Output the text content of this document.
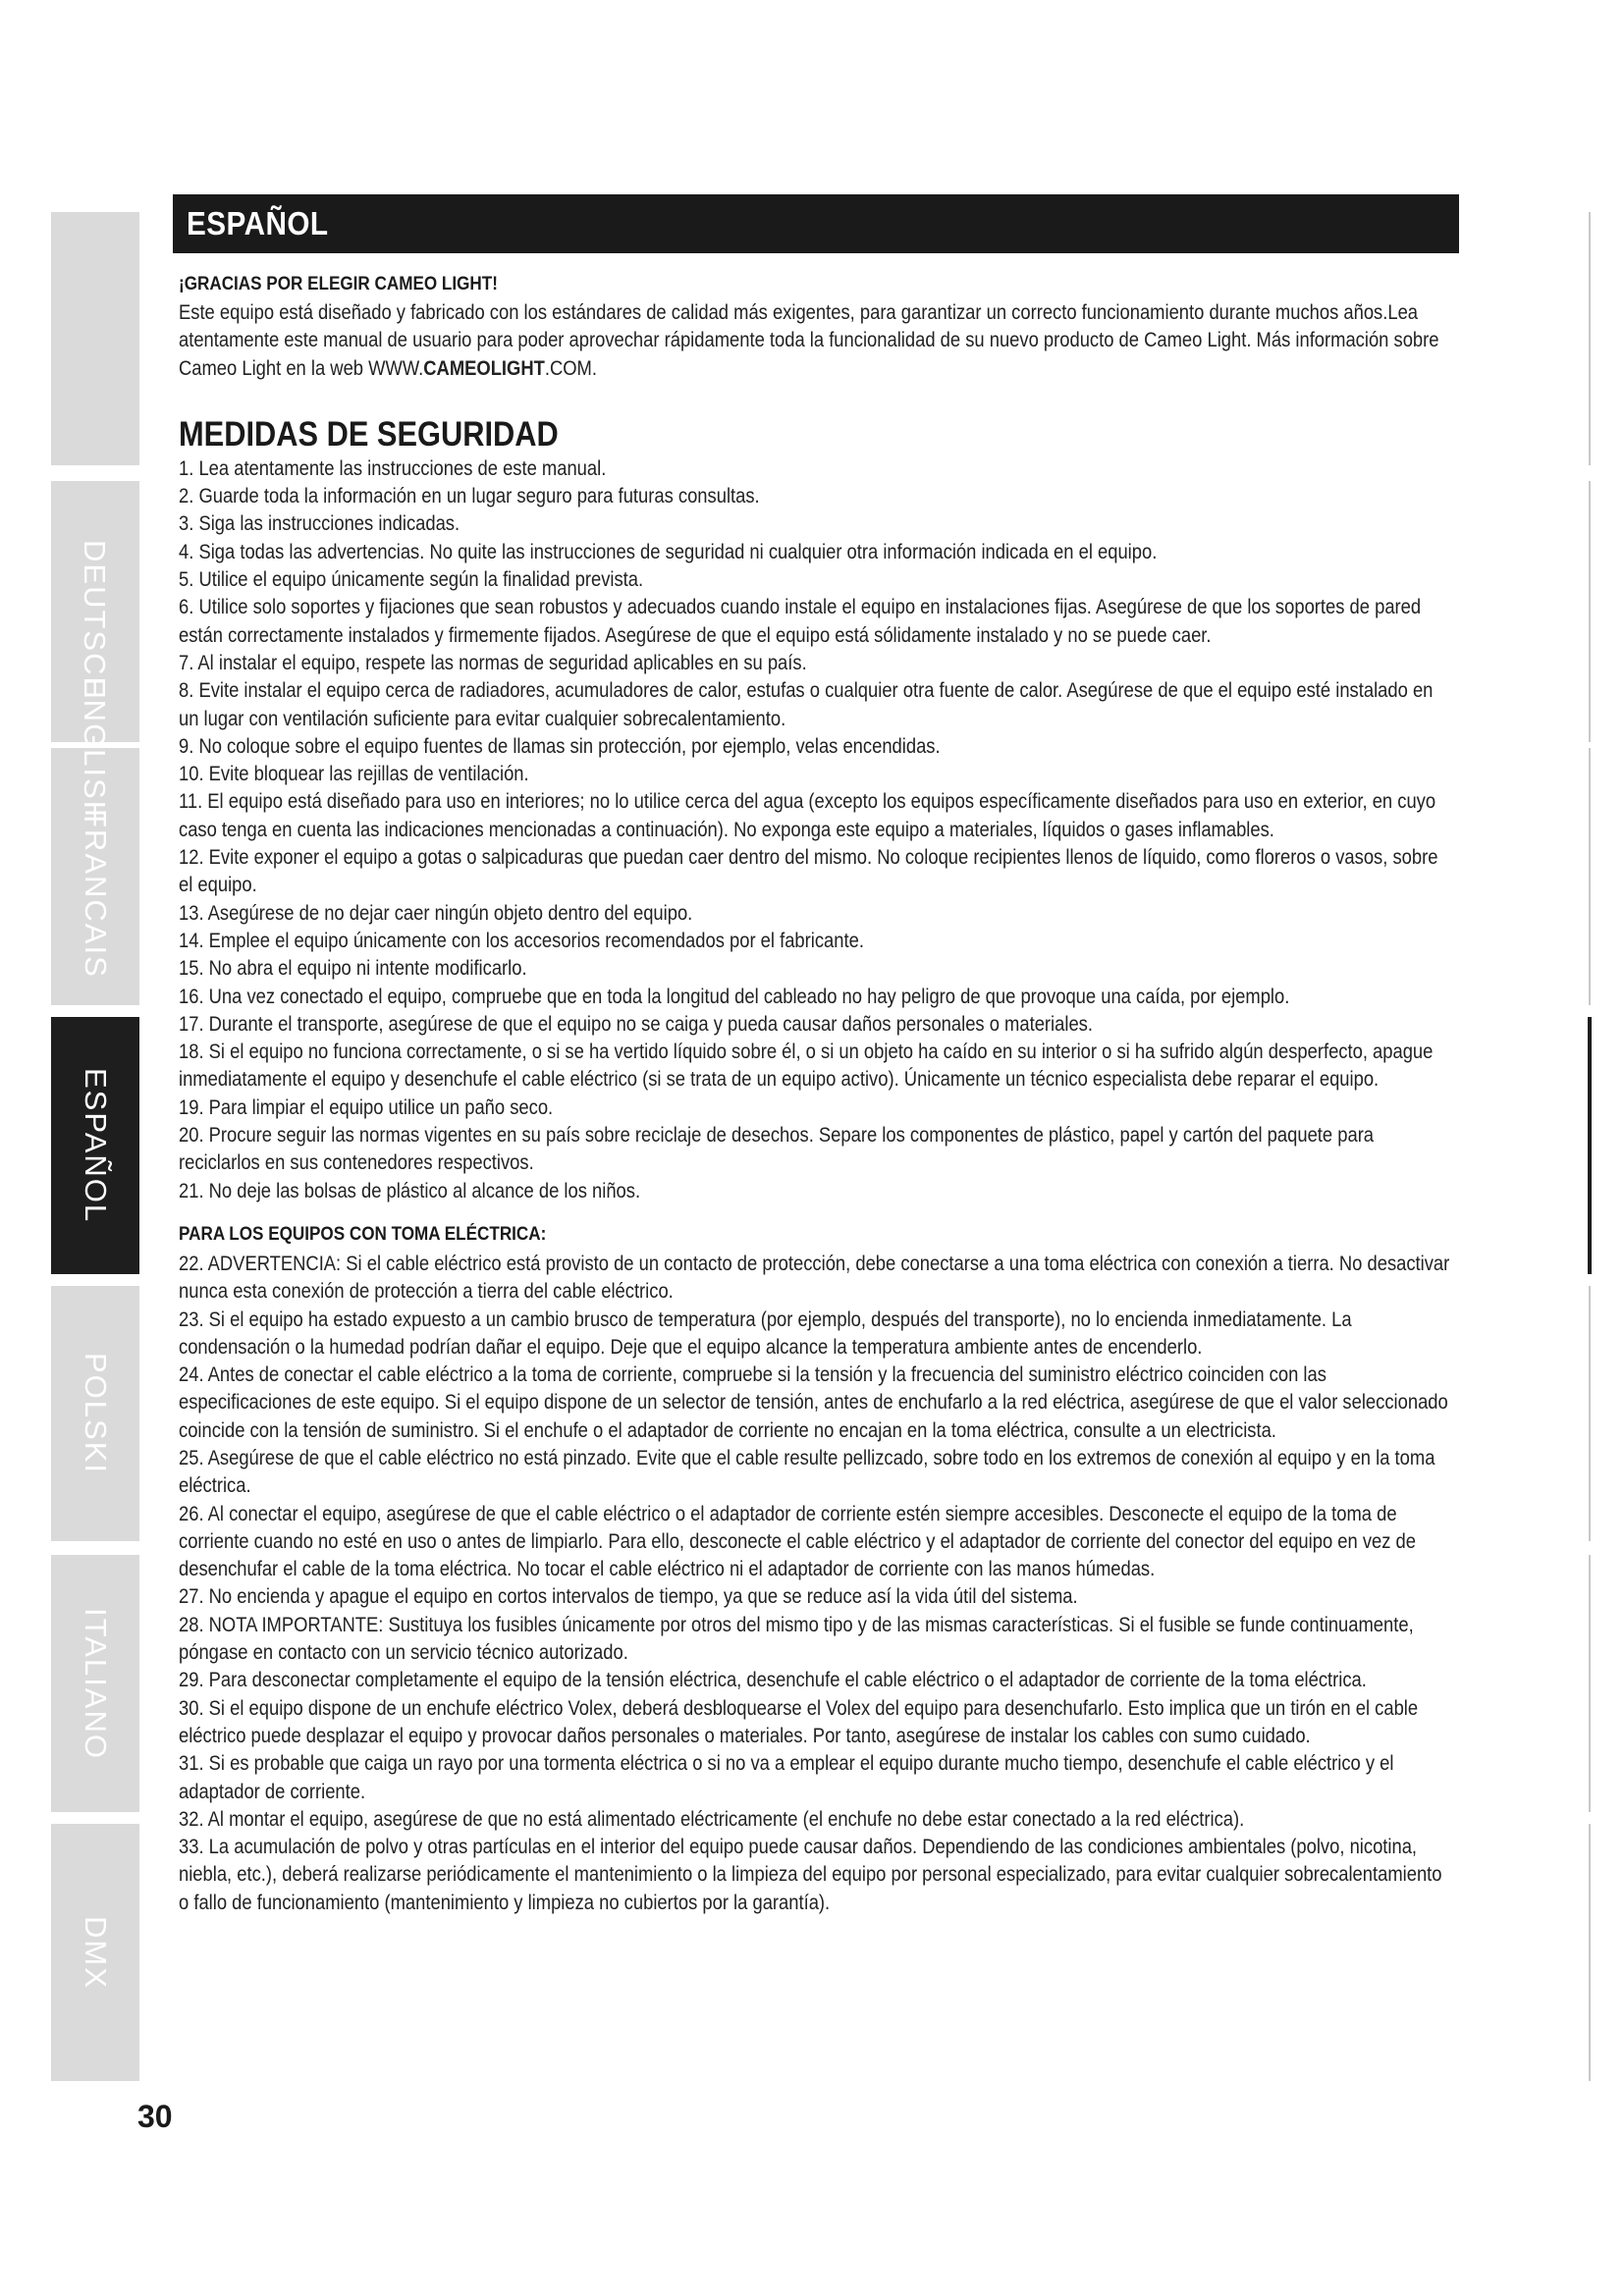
DEUTSCH
ENGLISH
FRANCAIS
ESPAÑOL
POLSKI
ITALIANO
DMX
ESPAÑOL

¡GRACIAS POR ELEGIR CAMEO LIGHT!

Este equipo está diseñado y fabricado con los estándares de calidad más exigentes, para garantizar un correcto funcionamiento durante muchos años.Lea atentamente este manual de usuario para poder aprovechar rápidamente toda la funcionalidad de su nuevo producto de Cameo Light. Más información sobre Cameo Light en la web WWW.CAMEOLIGHT.COM.

MEDIDAS DE SEGURIDAD

1. Lea atentamente las instrucciones de este manual.

2. Guarde toda la información en un lugar seguro para futuras consultas.

3. Siga las instrucciones indicadas.

4. Siga todas las advertencias. No quite las instrucciones de seguridad ni cualquier otra información indicada en el equipo.

5. Utilice el equipo únicamente según la finalidad prevista.

6. Utilice solo soportes y fijaciones que sean robustos y adecuados cuando instale el equipo en instalaciones fijas. Asegúrese de que los soportes de pared están correctamente instalados y firmemente fijados. Asegúrese de que el equipo está sólidamente instalado y no se puede caer.

7. Al instalar el equipo, respete las normas de seguridad aplicables en su país.

8. Evite instalar el equipo cerca de radiadores, acumuladores de calor, estufas o cualquier otra fuente de calor. Asegúrese de que el equipo esté instalado en un lugar con ventilación suficiente para evitar cualquier sobrecalentamiento.

9. No coloque sobre el equipo fuentes de llamas sin protección, por ejemplo, velas encendidas.

10. Evite bloquear las rejillas de ventilación.

11. El equipo está diseñado para uso en interiores; no lo utilice cerca del agua (excepto los equipos específicamente diseñados para uso en exterior, en cuyo caso tenga en cuenta las indicaciones mencionadas a continuación). No exponga este equipo a materiales, líquidos o gases inflamables.

12. Evite exponer el equipo a gotas o salpicaduras que puedan caer dentro del mismo. No coloque recipientes llenos de líquido, como floreros o vasos, sobre el equipo.

13. Asegúrese de no dejar caer ningún objeto dentro del equipo.

14. Emplee el equipo únicamente con los accesorios recomendados por el fabricante.

15. No abra el equipo ni intente modificarlo.

16. Una vez conectado el equipo, compruebe que en toda la longitud del cableado no hay peligro de que provoque una caída, por ejemplo.

17. Durante el transporte, asegúrese de que el equipo no se caiga y pueda causar daños personales o materiales.

18. Si el equipo no funciona correctamente, o si se ha vertido líquido sobre él, o si un objeto ha caído en su interior o si ha sufrido algún desperfecto, apague inmediatamente el equipo y desenchufe el cable eléctrico (si se trata de un equipo activo). Únicamente un técnico especialista debe reparar el equipo.

19. Para limpiar el equipo utilice un paño seco.

20. Procure seguir las normas vigentes en su país sobre reciclaje de desechos. Separe los componentes de plástico, papel y cartón del paquete para reciclarlos en sus contenedores respectivos.

21. No deje las bolsas de plástico al alcance de los niños.

PARA LOS EQUIPOS CON TOMA ELÉCTRICA:

22. ADVERTENCIA: Si el cable eléctrico está provisto de un contacto de protección, debe conectarse a una toma eléctrica con conexión a tierra. No desactivar nunca esta conexión de protección a tierra del cable eléctrico.

23. Si el equipo ha estado expuesto a un cambio brusco de temperatura (por ejemplo, después del transporte), no lo encienda inmediatamente. La condensación o la humedad podrían dañar el equipo. Deje que el equipo alcance la temperatura ambiente antes de encenderlo.

24. Antes de conectar el cable eléctrico a la toma de corriente, compruebe si la tensión y la frecuencia del suministro eléctrico coinciden con las especificaciones de este equipo. Si el equipo dispone de un selector de tensión, antes de enchufarlo a la red eléctrica, asegúrese de que el valor seleccionado coincide con la tensión de suministro. Si el enchufe o el adaptador de corriente no encajan en la toma eléctrica, consulte a un electricista.

25. Asegúrese de que el cable eléctrico no está pinzado. Evite que el cable resulte pellizcado, sobre todo en los extremos de conexión al equipo y en la toma eléctrica.

26. Al conectar el equipo, asegúrese de que el cable eléctrico o el adaptador de corriente estén siempre accesibles. Desconecte el equipo de la toma de corriente cuando no esté en uso o antes de limpiarlo. Para ello, desconecte el cable eléctrico y el adaptador de corriente del conector del equipo en vez de desenchufar el cable de la toma eléctrica. No tocar el cable eléctrico ni el adaptador de corriente con las manos húmedas.

27. No encienda y apague el equipo en cortos intervalos de tiempo, ya que se reduce así la vida útil del sistema.

28. NOTA IMPORTANTE: Sustituya los fusibles únicamente por otros del mismo tipo y de las mismas características. Si el fusible se funde continuamente, póngase en contacto con un servicio técnico autorizado.

29. Para desconectar completamente el equipo de la tensión eléctrica, desenchufe el cable eléctrico o el adaptador de corriente de la toma eléctrica.

30. Si el equipo dispone de un enchufe eléctrico Volex, deberá desbloquearse el Volex del equipo para desenchufarlo. Esto implica que un tirón en el cable eléctrico puede desplazar el equipo y provocar daños personales o materiales. Por tanto, asegúrese de instalar los cables con sumo cuidado.

31. Si es probable que caiga un rayo por una tormenta eléctrica o si no va a emplear el equipo durante mucho tiempo, desenchufe el cable eléctrico y el adaptador de corriente.

32. Al montar el equipo, asegúrese de que no está alimentado eléctricamente (el enchufe no debe estar conectado a la red eléctrica).

33. La acumulación de polvo y otras partículas en el interior del equipo puede causar daños. Dependiendo de las condiciones ambientales (polvo, nicotina, niebla, etc.), deberá realizarse periódicamente el mantenimiento o la limpieza del equipo por personal especializado, para evitar cualquier sobrecalentamiento o fallo de funcionamiento (mantenimiento y limpieza no cubiertos por la garantía).

30
